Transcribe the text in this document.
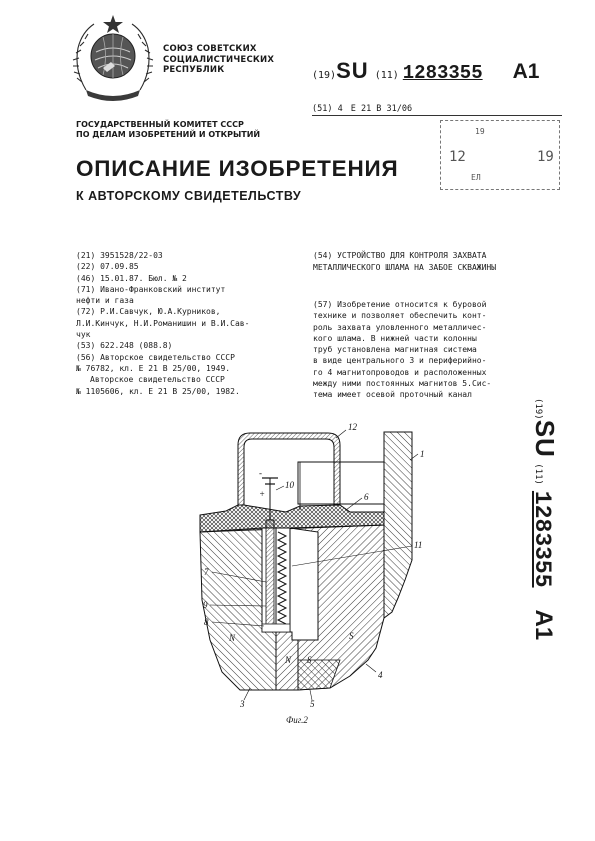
СОЮЗ СОВЕТСКИХ
СОЦИАЛИСТИЧЕСКИХ
РЕСПУБЛИК	(19)SU (11) 1283355 A1
(51) 4 E 21 B 31/06
19
12	19
ЕЛ
ГОСУДАРСТВЕННЫЙ КОМИТЕТ СССР
ПО ДЕЛАМ ИЗОБРЕТЕНИЙ И ОТКРЫТИЙ
ОПИСАНИЕ ИЗОБРЕТЕНИЯ
К АВТОРСКОМУ СВИДЕТЕЛЬСТВУ
(21) 3951528/22-03
(22) 07.09.85
(46) 15.01.87. Бюл. № 2
(71) Ивано-Франковский институт
нефти и газа
(72) Р.И.Савчук, Ю.А.Курников,
Л.И.Кинчук, Н.И.Романишин и В.И.Сав-
чук
(53) 622.248 (088.8)
(56) Авторское свидетельство СССР
№ 76782, кл. Е 21 В 25/00, 1949.
Авторское свидетельство СССР
№ 1105606, кл. Е 21 В 25/00, 1982.
(54) УСТРОЙСТВО ДЛЯ КОНТРОЛЯ ЗАХВАТА
МЕТАЛЛИЧЕСКОГО ШЛАМА НА ЗАБОЕ СКВАЖИНЫ
(57) Изобретение относится к буровой
технике и позволяет обеспечить конт-
роль захвата уловленного металличес-
кого шлама. В нижней части колонны
труб установлена магнитная система
в виде центрального 3 и периферийно-
го 4 магнитопроводов и расположенных
между ними постоянных магнитов 5.Сис-
тема имеет осевой проточный канал
(19)SU (11)1283355A1
12
1
6
10
11
7
9
8
3
4
5
N
N
S
S
+
-
Фиг.2
